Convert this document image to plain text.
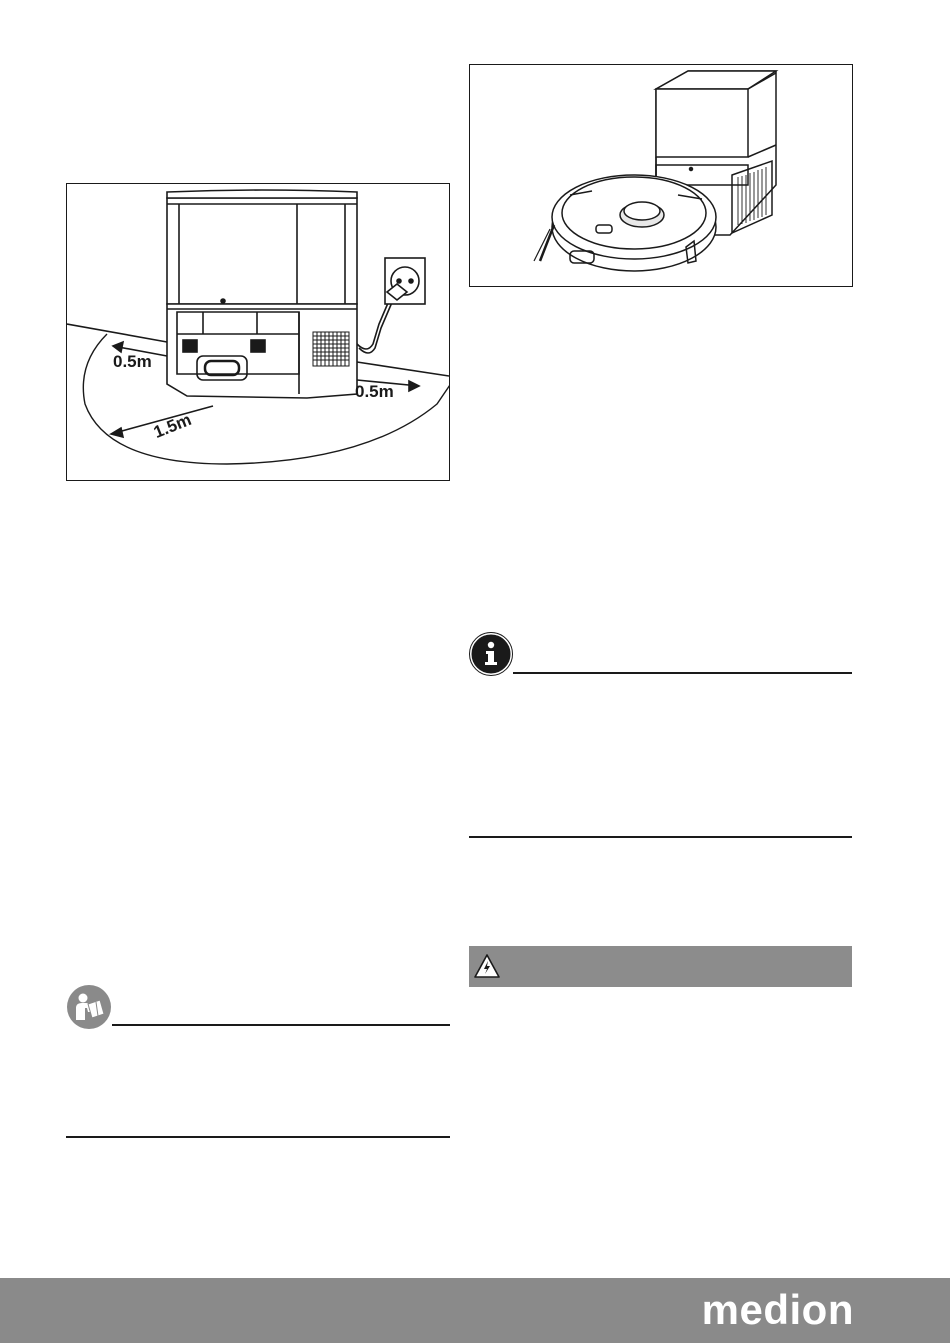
0.5m
0.5m
1.5m
medion
